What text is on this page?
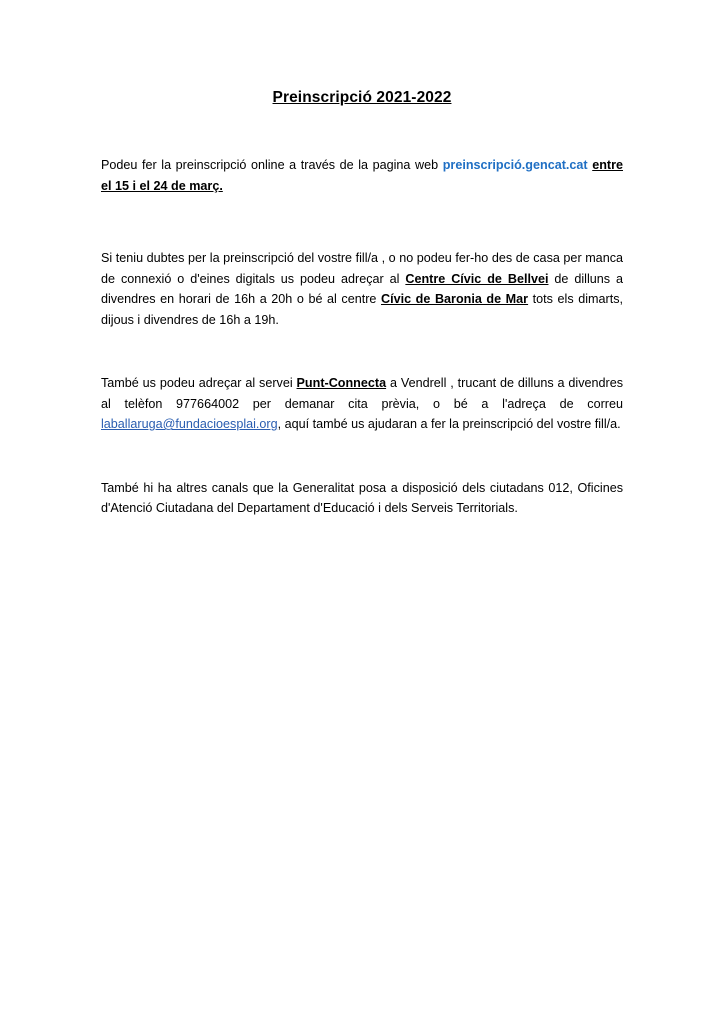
Preinscripció 2021-2022

Podeu fer la preinscripció online a través de la pagina web preinscripció.gencat.cat entre el 15 i el 24 de març.

Si teniu dubtes per la preinscripció del vostre fill/a , o no podeu fer-ho des de casa per manca de connexió o d'eines digitals us podeu adreçar al Centre Cívic de Bellvei de dilluns a divendres en horari de 16h a 20h o bé al centre Cívic de Baronia de Mar tots els dimarts, dijous i divendres de 16h a 19h.

També us podeu adreçar al servei Punt-Connecta a Vendrell , trucant de dilluns a divendres al telèfon 977664002 per demanar cita prèvia, o bé a l'adreça de correu laballaruga@fundacioesplai.org, aquí també us ajudaran a fer la preinscripció del vostre fill/a.

També hi ha altres canals que la Generalitat posa a disposició dels ciutadans 012, Oficines d'Atenció Ciutadana del Departament d'Educació i dels Serveis Territorials.
